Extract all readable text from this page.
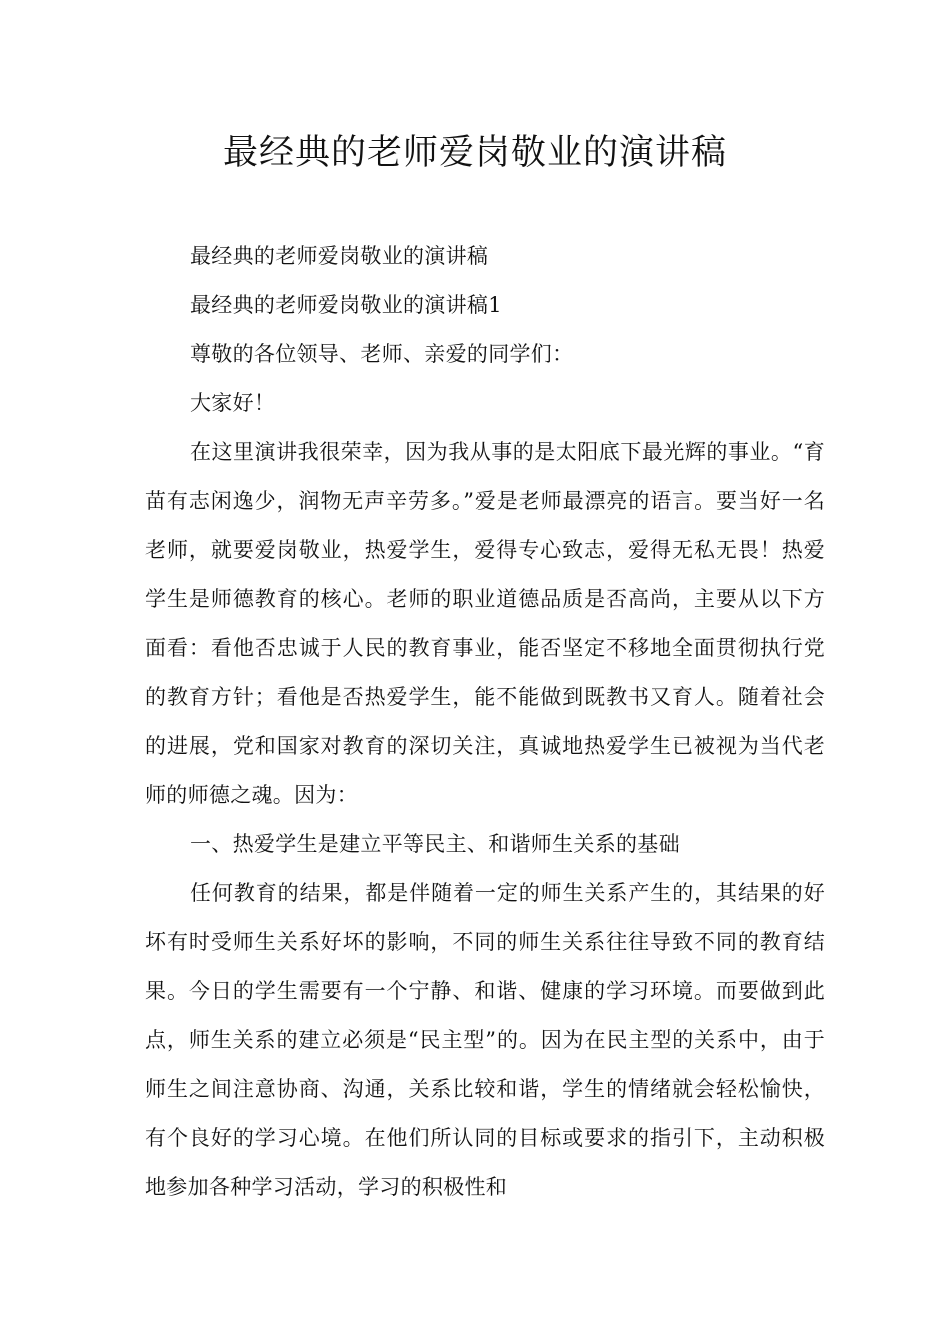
最经典的老师爱岗敬业的演讲稿

最经典的老师爱岗敬业的演讲稿

最经典的老师爱岗敬业的演讲稿1

尊敬的各位领导、老师、亲爱的同学们：

大家好！

在这里演讲我很荣幸，因为我从事的是太阳底下最光辉的事业。“育苗有志闲逸少，润物无声辛劳多。”爱是老师最漂亮的语言。要当好一名老师，就要爱岗敬业，热爱学生，爱得专心致志，爱得无私无畏！热爱学生是师德教育的核心。老师的职业道德品质是否高尚，主要从以下方面看：看他否忠诚于人民的教育事业，能否坚定不移地全面贯彻执行党的教育方针；看他是否热爱学生，能不能做到既教书又育人。随着社会的进展，党和国家对教育的深切关注，真诚地热爱学生已被视为当代老师的师德之魂。因为：

一、热爱学生是建立平等民主、和谐师生关系的基础

任何教育的结果，都是伴随着一定的师生关系产生的，其结果的好坏有时受师生关系好坏的影响，不同的师生关系往往导致不同的教育结果。今日的学生需要有一个宁静、和谐、健康的学习环境。而要做到此点，师生关系的建立必须是“民主型”的。因为在民主型的关系中，由于师生之间注意协商、沟通，关系比较和谐，学生的情绪就会轻松愉快，有个良好的学习心境。在他们所认同的目标或要求的指引下，主动积极地参加各种学习活动，学习的积极性和
